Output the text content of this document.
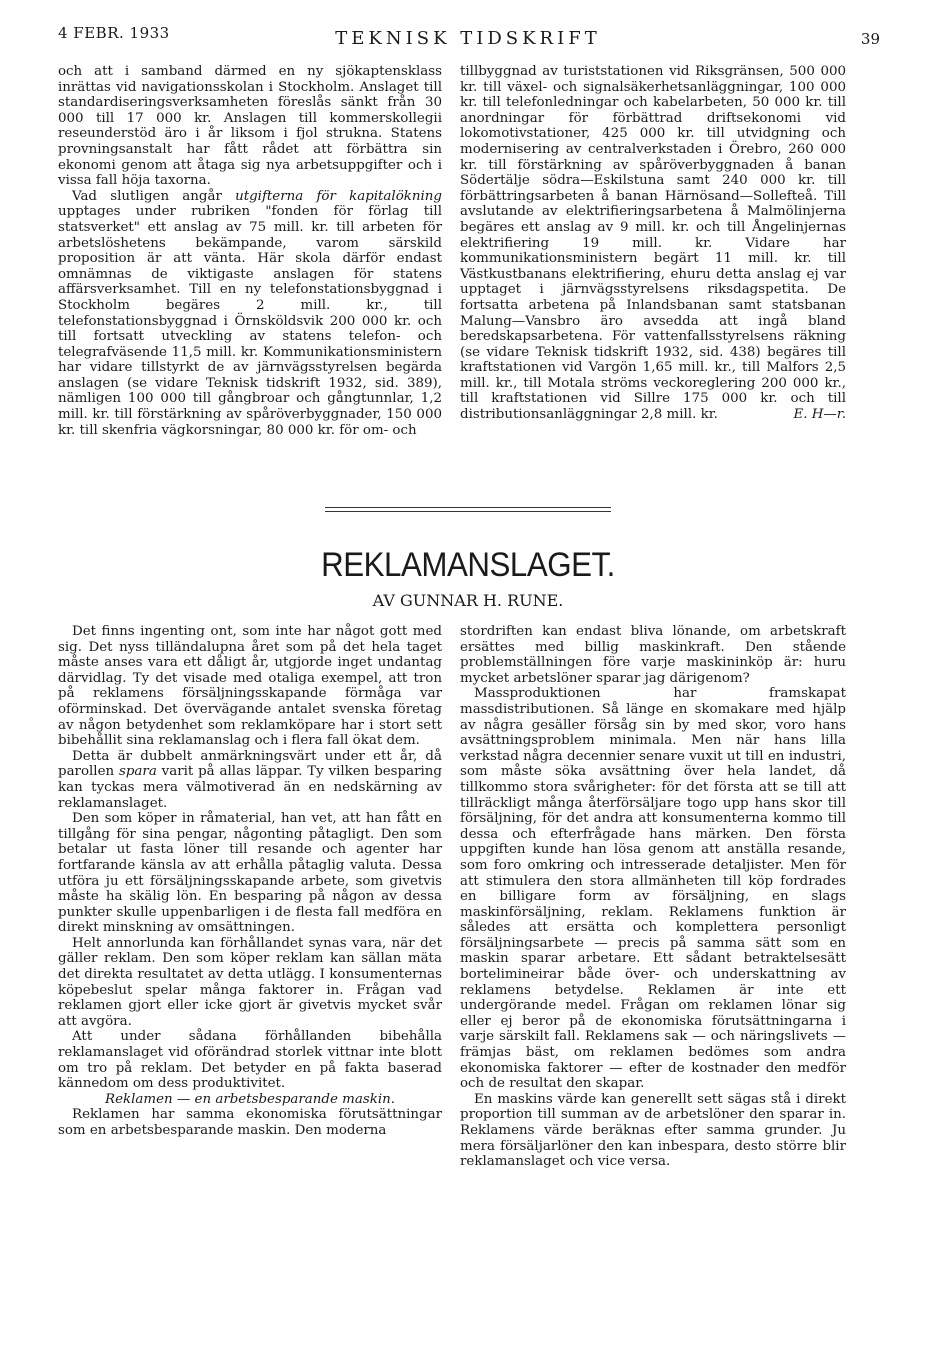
4 FEBR. 1933	TEKNISK TIDSKRIFT	39

och att i samband därmed en ny sjökaptensklass inrättas vid navigationsskolan i Stockholm. Anslaget till standardiseringsverksamheten föreslås sänkt från 30 000 till 17 000 kr. Anslagen till kommerskollegii reseunderstöd äro i år liksom i fjol strukna. Statens provningsanstalt har fått rådet att förbättra sin ekonomi genom att åtaga sig nya arbetsuppgifter och i vissa fall höja taxorna.

Vad slutligen angår utgifterna för kapitalökning upptages under rubriken "fonden för förlag till statsverket" ett anslag av 75 mill. kr. till arbeten för arbetslöshetens bekämpande, varom särskild proposition är att vänta. Här skola därför endast omnämnas de viktigaste anslagen för statens affärsverksamhet. Till en ny telefonstationsbyggnad i Stockholm begäres 2 mill. kr., till telefonstationsbyggnad i Örnsköldsvik 200 000 kr. och till fortsatt utveckling av statens telefon- och telegrafväsende 11,5 mill. kr. Kommunikationsministern har vidare tillstyrkt de av järnvägsstyrelsen begärda anslagen (se vidare Teknisk tidskrift 1932, sid. 389), nämligen 100 000 till gångbroar och gångtunnlar, 1,2 mill. kr. till förstärkning av spåröverbyggnader, 150 000 kr. till skenfria vägkorsningar, 80 000 kr. för om- och

tillbyggnad av turiststationen vid Riksgränsen, 500 000 kr. till växel- och signalsäkerhetsanläggningar, 100 000 kr. till telefonledningar och kabelarbeten, 50 000 kr. till anordningar för förbättrad driftsekonomi vid lokomotivstationer, 425 000 kr. till utvidgning och modernisering av centralverkstaden i Örebro, 260 000 kr. till förstärkning av spåröverbyggnaden å banan Södertälje södra—Eskilstuna samt 240 000 kr. till förbättringsarbeten å banan Härnösand—Sollefteå. Till avslutande av elektrifieringsarbetena å Malmölinjerna begäres ett anslag av 9 mill. kr. och till Ångelinjernas elektrifiering 19 mill. kr. Vidare har kommunikationsministern begärt 11 mill. kr. till Västkustbanans elektrifiering, ehuru detta anslag ej var upptaget i järnvägsstyrelsens riksdagspetita. De fortsatta arbetena på Inlandsbanan samt statsbanan Malung—Vansbro äro avsedda att ingå bland beredskapsarbetena. För vattenfallsstyrelsens räkning (se vidare Teknisk tidskrift 1932, sid. 438) begäres till kraftstationen vid Vargön 1,65 mill. kr., till Malfors 2,5 mill. kr., till Motala ströms veckoreglering 200 000 kr., till kraftstationen vid Sillre 175 000 kr. och till distributionsanläggningar 2,8 mill. kr.	E. H—r.

REKLAMANSLAGET.
AV GUNNAR H. RUNE.

Det finns ingenting ont, som inte har något gott med sig. Det nyss tilländalupna året som på det hela taget måste anses vara ett dåligt år, utgjorde inget undantag därvidlag. Ty det visade med otaliga exempel, att tron på reklamens försäljningsskapande förmåga var oförminskad. Det övervägande antalet svenska företag av någon betydenhet som reklamköpare har i stort sett bibehållit sina reklamanslag och i flera fall ökat dem.

Detta är dubbelt anmärkningsvärt under ett år, då parollen spara varit på allas läppar. Ty vilken besparing kan tyckas mera välmotiverad än en nedskärning av reklamanslaget.

Den som köper in råmaterial, han vet, att han fått en tillgång för sina pengar, någonting påtagligt. Den som betalar ut fasta löner till resande och agenter har fortfarande känsla av att erhålla påtaglig valuta. Dessa utföra ju ett försäljningsskapande arbete, som givetvis måste ha skälig lön. En besparing på någon av dessa punkter skulle uppenbarligen i de flesta fall medföra en direkt minskning av omsättningen.

Helt annorlunda kan förhållandet synas vara, när det gäller reklam. Den som köper reklam kan sällan mäta det direkta resultatet av detta utlägg. I konsumenternas köpebeslut spelar många faktorer in. Frågan vad reklamen gjort eller icke gjort är givetvis mycket svår att avgöra.

Att under sådana förhållanden bibehålla reklamanslaget vid oförändrad storlek vittnar inte blott om tro på reklam. Det betyder en på fakta baserad kännedom om dess produktivitet.

Reklamen — en arbetsbesparande maskin.

Reklamen har samma ekonomiska förutsättningar som en arbetsbesparande maskin. Den moderna

stordriften kan endast bliva lönande, om arbetskraft ersättes med billig maskinkraft. Den stående problemställningen före varje maskininköp är: huru mycket arbetslöner sparar jag därigenom?

Massproduktionen har framskapat massdistributionen. Så länge en skomakare med hjälp av några gesäller försåg sin by med skor, voro hans avsättningsproblem minimala. Men när hans lilla verkstad några decennier senare vuxit ut till en industri, som måste söka avsättning över hela landet, då tillkommo stora svårigheter: för det första att se till att tillräckligt många återförsäljare togo upp hans skor till försäljning, för det andra att konsumenterna kommo till dessa och efterfrågade hans märken. Den första uppgiften kunde han lösa genom att anställa resande, som foro omkring och intresserade detaljister. Men för att stimulera den stora allmänheten till köp fordrades en billigare form av försäljning, en slags maskinförsäljning, reklam. Reklamens funktion är således att ersätta och komplettera personligt försäljningsarbete — precis på samma sätt som en maskin sparar arbetare. Ett sådant betraktelsesätt bortelimineirar både över- och underskattning av reklamens betydelse. Reklamen är inte ett undergörande medel. Frågan om reklamen lönar sig eller ej beror på de ekonomiska förutsättningarna i varje särskilt fall. Reklamens sak — och näringslivets — främjas bäst, om reklamen bedömes som andra ekonomiska faktorer — efter de kostnader den medför och de resultat den skapar.

En maskins värde kan generellt sett sägas stå i direkt proportion till summan av de arbetslöner den sparar in. Reklamens värde beräknas efter samma grunder. Ju mera försäljarlöner den kan inbespara, desto större blir reklamanslaget och vice versa.
